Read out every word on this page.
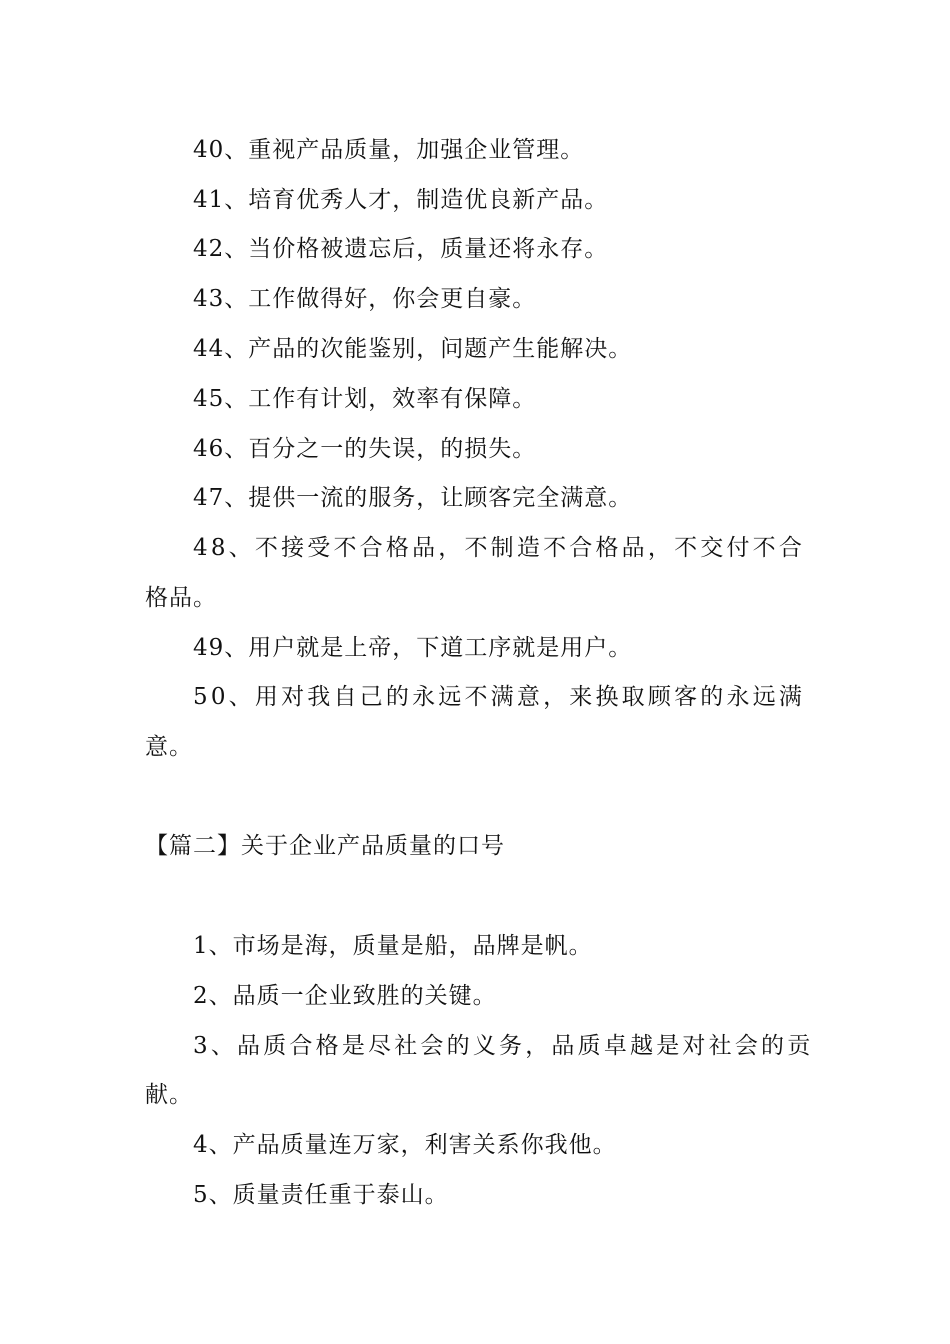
40、重视产品质量，加强企业管理。
41、培育优秀人才，制造优良新产品。
42、当价格被遗忘后，质量还将永存。
43、工作做得好，你会更自豪。
44、产品的次能鉴别，问题产生能解决。
45、工作有计划，效率有保障。
46、百分之一的失误，的损失。
47、提供一流的服务，让顾客完全满意。
48、不接受不合格品，不制造不合格品，不交付不合
格品。
49、用户就是上帝，下道工序就是用户。
50、用对我自己的永远不满意，来换取顾客的永远满
意。
【篇二】关于企业产品质量的口号
1、市场是海，质量是船，品牌是帆。
2、品质一企业致胜的关键。
3、品质合格是尽社会的义务，品质卓越是对社会的贡
献。
4、产品质量连万家，利害关系你我他。
5、质量责任重于泰山。
